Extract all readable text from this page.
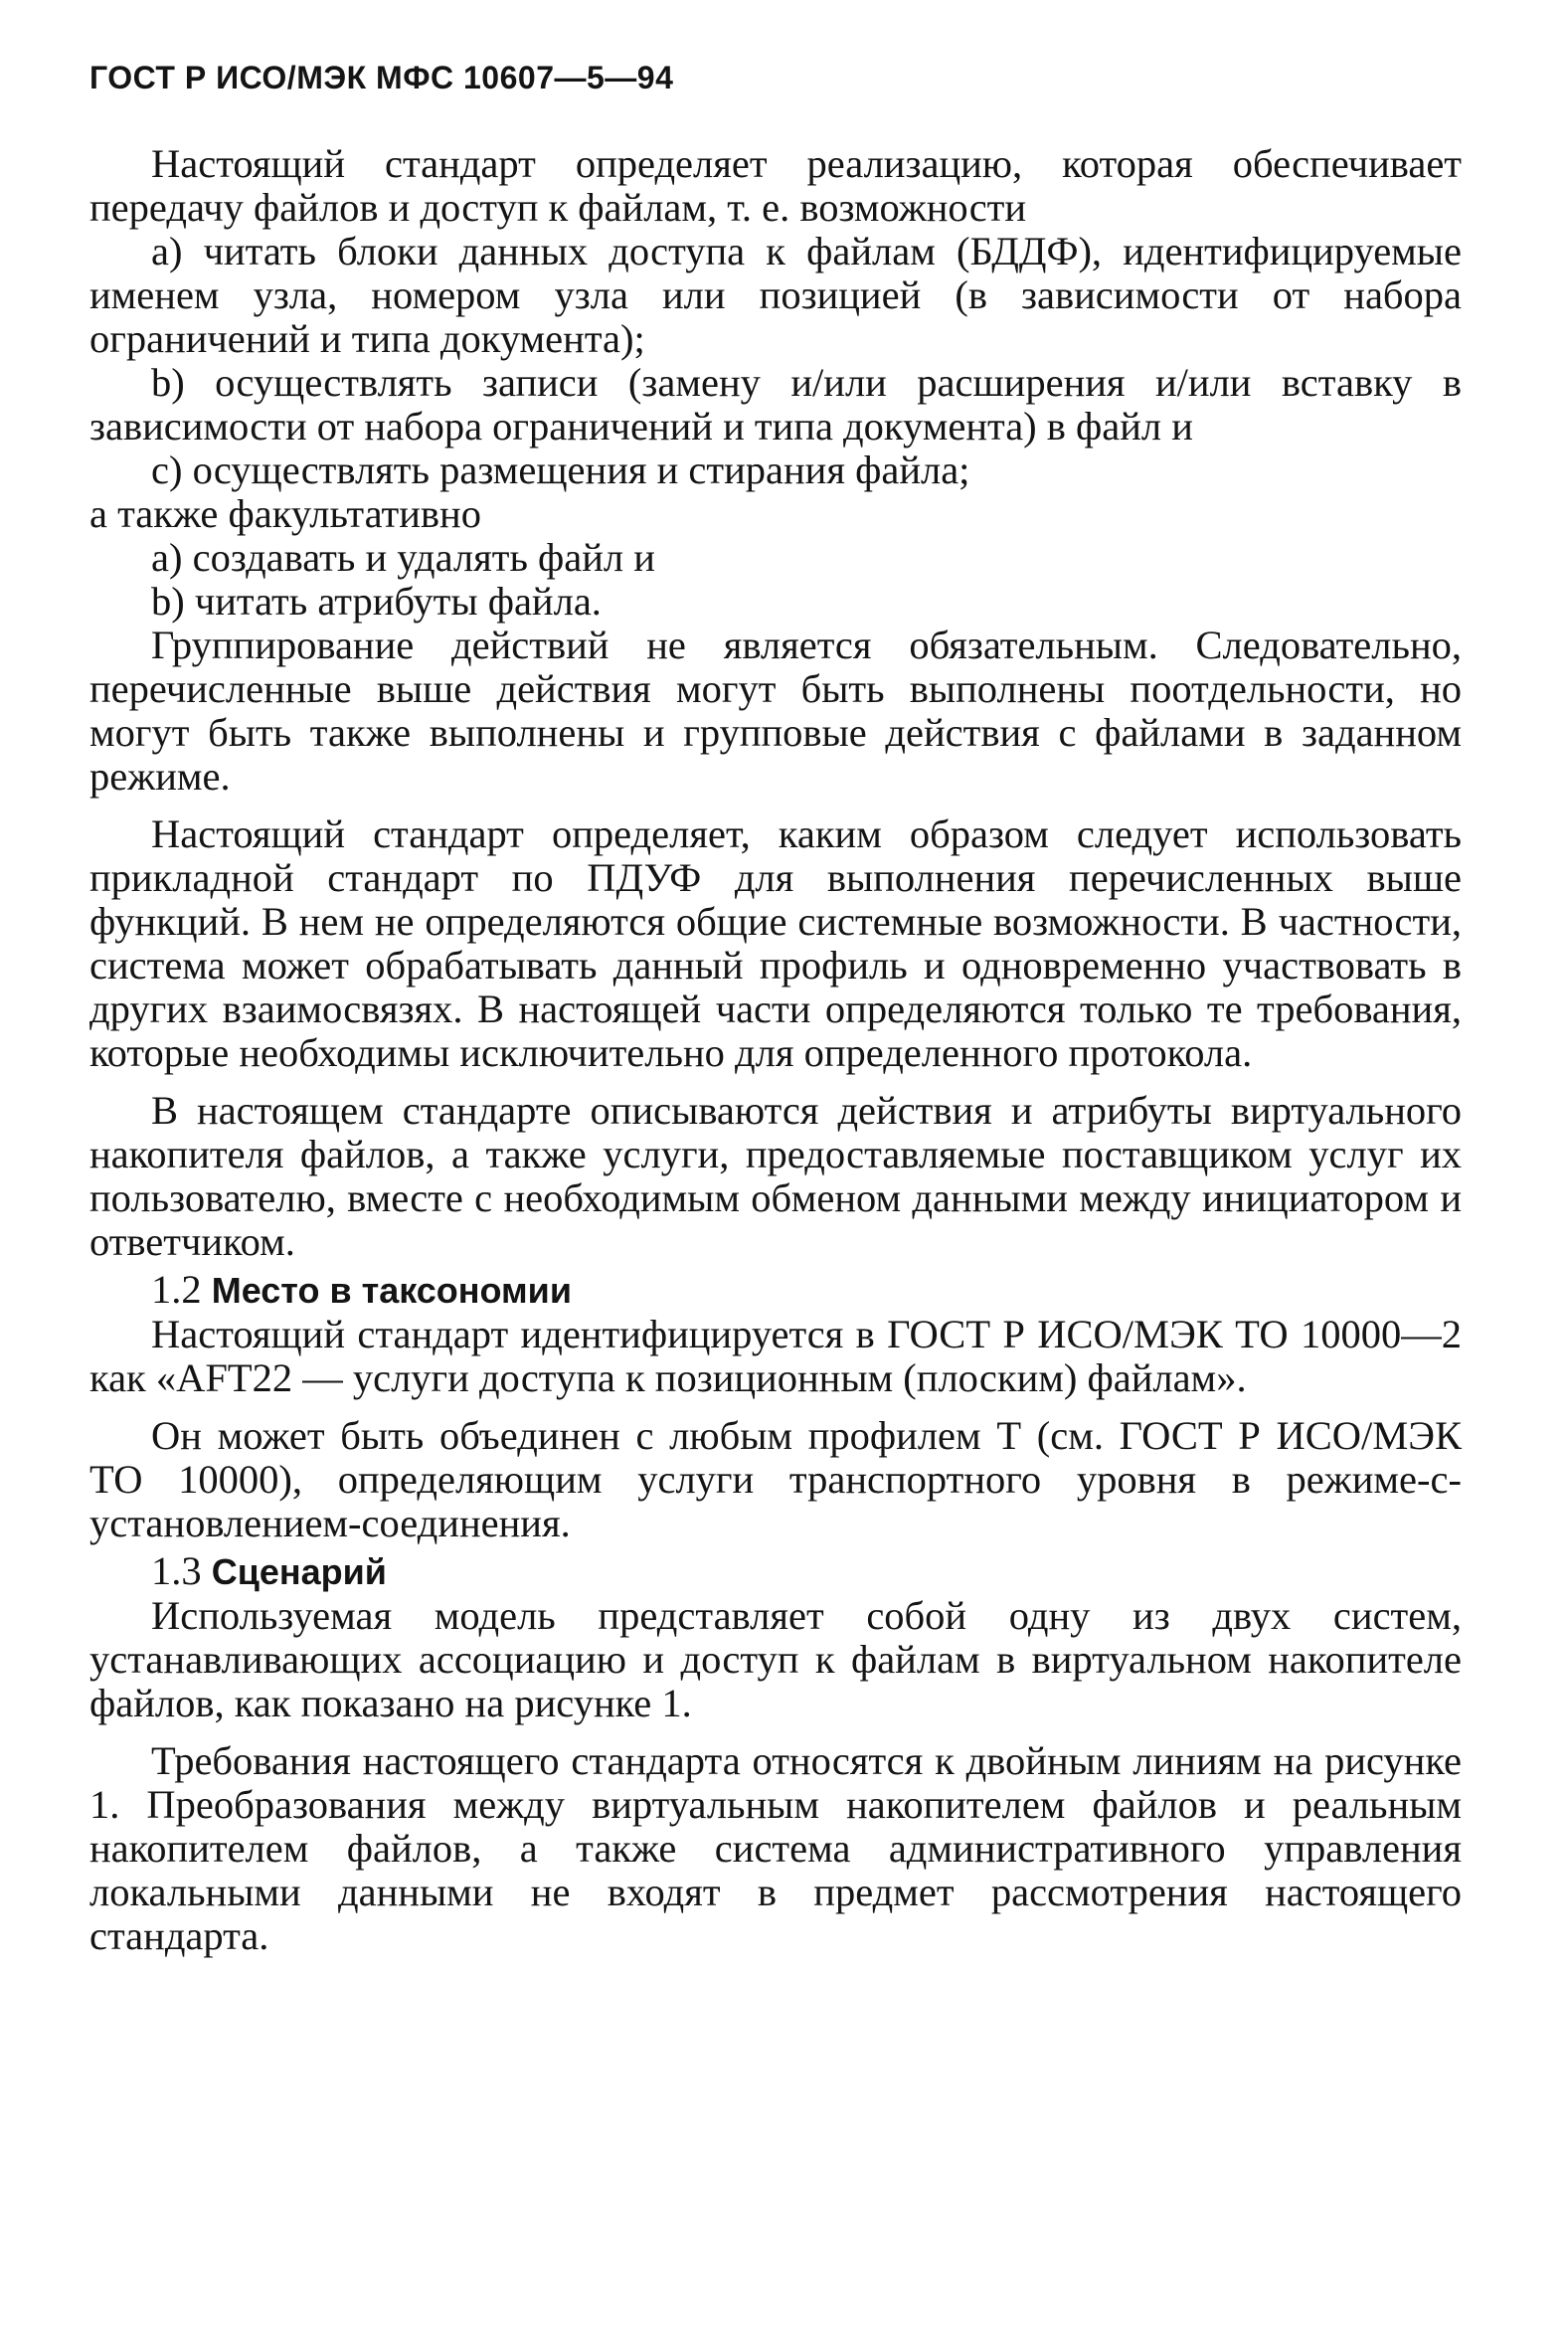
ГОСТ Р ИСО/МЭК МФС 10607—5—94

Настоящий стандарт определяет реализацию, которая обеспечивает передачу файлов и доступ к файлам, т. е. возможности

а) читать блоки данных доступа к файлам (БДДФ), идентифицируемые именем узла, номером узла или позицией (в зависимости от набора ограничений и типа документа);

b) осуществлять записи (замену и/или расширения и/или вставку в зависимости от набора ограничений и типа документа) в файл и

с) осуществлять размещения и стирания файла;

а также факультативно

а) создавать и удалять файл и

b) читать атрибуты файла.

Группирование действий не является обязательным. Следовательно, перечисленные выше действия могут быть выполнены поотдельности, но могут быть также выполнены и групповые действия с файлами в заданном режиме.

Настоящий стандарт определяет, каким образом следует использовать прикладной стандарт по ПДУФ для выполнения перечисленных выше функций. В нем не определяются общие системные возможности. В частности, система может обрабатывать данный профиль и одновременно участвовать в других взаимосвязях. В настоящей части определяются только те требования, которые необходимы исключительно для определенного протокола.

В настоящем стандарте описываются действия и атрибуты виртуального накопителя файлов, а также услуги, предоставляемые поставщиком услуг их пользователю, вместе с необходимым обменом данными между инициатором и ответчиком.

1.2 Место в таксономии

Настоящий стандарт идентифицируется в ГОСТ Р ИСО/МЭК ТО 10000—2 как «AFT22 — услуги доступа к позиционным (плоским) файлам».

Он может быть объединен с любым профилем Т (см. ГОСТ Р ИСО/МЭК ТО 10000), определяющим услуги транспортного уровня в режиме-с-установлением-соединения.

1.3 Сценарий

Используемая модель представляет собой одну из двух систем, устанавливающих ассоциацию и доступ к файлам в виртуальном накопителе файлов, как показано на рисунке 1.

Требования настоящего стандарта относятся к двойным линиям на рисунке 1. Преобразования между виртуальным накопителем файлов и реальным накопителем файлов, а также система административного управления локальными данными не входят в предмет рассмотрения настоящего стандарта.
